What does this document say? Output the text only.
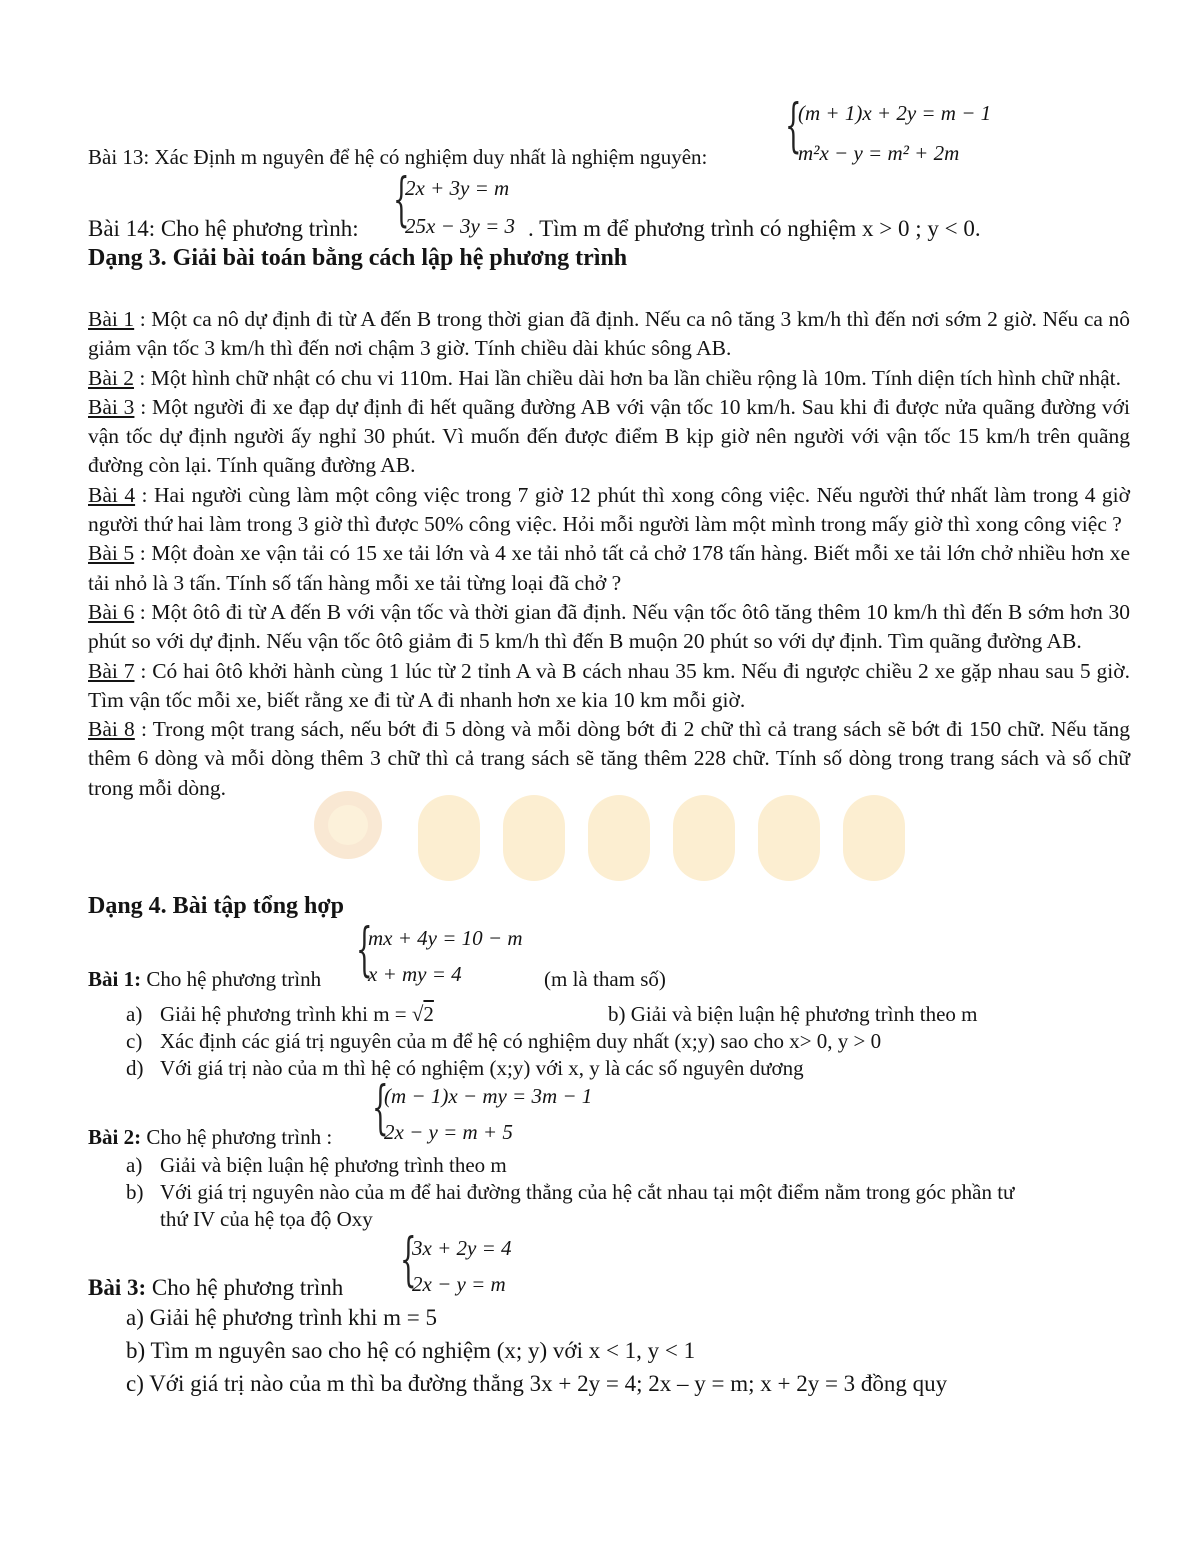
Bài 13: Xác Định m nguyên để hệ có nghiệm duy nhất là nghiệm nguyên: {
(m + 1)x + 2y = m − 1
m²x − y = m² + 2m
Bài 14: Cho hệ phương trình: {
2x + 3y = m
25x − 3y = 3 . Tìm m để phương trình có nghiệm x > 0 ; y < 0.
Dạng 3. Giải bài toán bằng cách lập hệ phương trình
Bài 1 : Một ca nô dự định đi từ A đến B trong thời gian đã định. Nếu ca nô tăng 3 km/h thì đến nơi sớm 2 giờ. Nếu ca nô giảm vận tốc 3 km/h thì đến nơi chậm 3 giờ. Tính chiều dài khúc sông AB.
Bài 2 : Một hình chữ nhật có chu vi 110m. Hai lần chiều dài hơn ba lần chiều rộng là 10m. Tính diện tích hình chữ nhật.
Bài 3 : Một người đi xe đạp dự định đi hết quãng đường AB với vận tốc 10 km/h. Sau khi đi được nửa quãng đường với vận tốc dự định người ấy nghỉ 30 phút. Vì muốn đến được điểm B kịp giờ nên người với vận tốc 15 km/h trên quãng đường còn lại. Tính quãng đường AB.
Bài 4 : Hai người cùng làm một công việc trong 7 giờ 12 phút thì xong công việc. Nếu người thứ nhất làm trong 4 giờ người thứ hai làm trong 3 giờ thì được 50% công việc. Hỏi mỗi người làm một mình trong mấy giờ thì xong công việc ?
Bài 5 : Một đoàn xe vận tải có 15 xe tải lớn và 4 xe tải nhỏ tất cả chở 178 tấn hàng. Biết mỗi xe tải lớn chở nhiều hơn xe tải nhỏ là 3 tấn. Tính số tấn hàng mỗi xe tải từng loại đã chở ?
Bài 6 : Một ôtô đi từ A đến B với vận tốc và thời gian đã định. Nếu vận tốc ôtô tăng thêm 10 km/h thì đến B sớm hơn 30 phút so với dự định. Nếu vận tốc ôtô giảm đi 5 km/h thì đến B muộn 20 phút so với dự định. Tìm quãng đường AB.
Bài 7 : Có hai ôtô khởi hành cùng 1 lúc từ 2 tỉnh A và B cách nhau 35 km. Nếu đi ngược chiều 2 xe gặp nhau sau 5 giờ. Tìm vận tốc mỗi xe, biết rằng xe đi từ A đi nhanh hơn xe kia 10 km mỗi giờ.
Bài 8 : Trong một trang sách, nếu bớt đi 5 dòng và mỗi dòng bớt đi 2 chữ thì cả trang sách sẽ bớt đi 150 chữ. Nếu tăng thêm 6 dòng và mỗi dòng thêm 3 chữ thì cả trang sách sẽ tăng thêm 228 chữ. Tính số dòng trong trang sách và số chữ trong mỗi dòng.
Dạng 4. Bài tập tổng hợp
Bài 1: Cho hệ phương trình {
mx + 4y = 10 − m
x + my = 4	(m là tham số)
a) Giải hệ phương trình khi m = √2	b) Giải và biện luận hệ phương trình theo m
c) Xác định các giá trị nguyên của m để hệ có nghiệm duy nhất (x;y) sao cho x> 0, y > 0
d) Với giá trị nào của m thì hệ có nghiệm (x;y) với x, y là các số nguyên dương
Bài 2: Cho hệ phương trình : {
(m − 1)x − my = 3m − 1
2x − y = m + 5
a) Giải và biện luận hệ phương trình theo m
b) Với giá trị nguyên nào của m để hai đường thẳng của hệ cắt nhau tại một điểm nằm trong góc phần tư
thứ IV của hệ tọa độ Oxy
Bài 3: Cho hệ phương trình {
3x + 2y = 4
2x − y = m
a) Giải hệ phương trình khi m = 5
b) Tìm m nguyên sao cho hệ có nghiệm (x; y) với x < 1, y < 1
c) Với giá trị nào của m thì ba đường thẳng 3x + 2y = 4; 2x – y = m; x + 2y = 3 đồng quy
